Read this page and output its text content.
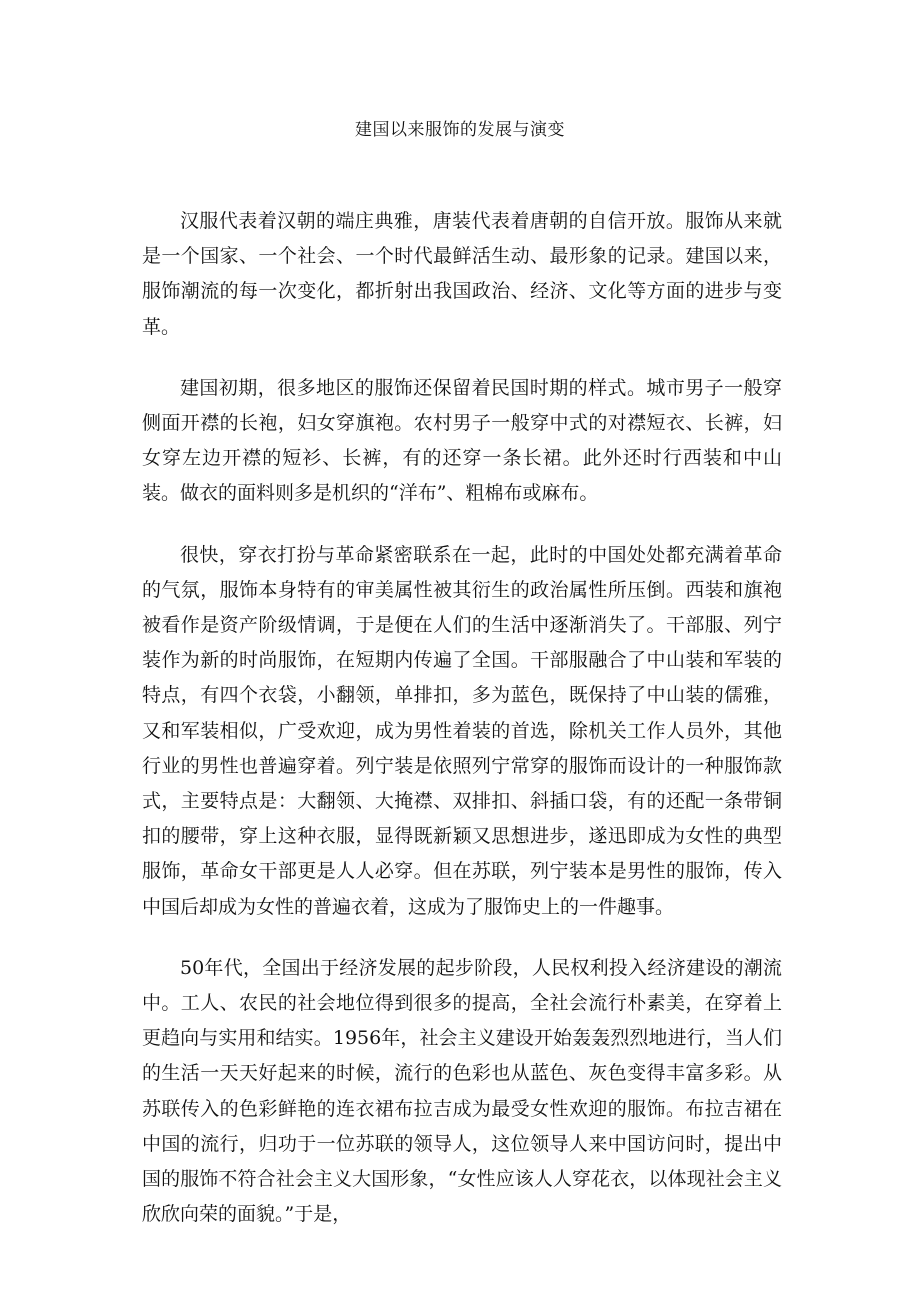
建国以来服饰的发展与演变

汉服代表着汉朝的端庄典雅，唐装代表着唐朝的自信开放。服饰从来就是一个国家、一个社会、一个时代最鲜活生动、最形象的记录。建国以来，服饰潮流的每一次变化，都折射出我国政治、经济、文化等方面的进步与变革。

建国初期，很多地区的服饰还保留着民国时期的样式。城市男子一般穿侧面开襟的长袍，妇女穿旗袍。农村男子一般穿中式的对襟短衣、长裤，妇女穿左边开襟的短衫、长裤，有的还穿一条长裙。此外还时行西装和中山装。做衣的面料则多是机织的“洋布”、粗棉布或麻布。

很快，穿衣打扮与革命紧密联系在一起，此时的中国处处都充满着革命的气氛，服饰本身特有的审美属性被其衍生的政治属性所压倒。西装和旗袍被看作是资产阶级情调，于是便在人们的生活中逐渐消失了。干部服、列宁装作为新的时尚服饰，在短期内传遍了全国。干部服融合了中山装和军装的特点，有四个衣袋，小翻领，单排扣，多为蓝色，既保持了中山装的儒雅，又和军装相似，广受欢迎，成为男性着装的首选，除机关工作人员外，其他行业的男性也普遍穿着。列宁装是依照列宁常穿的服饰而设计的一种服饰款式，主要特点是：大翻领、大掩襟、双排扣、斜插口袋，有的还配一条带铜扣的腰带，穿上这种衣服，显得既新颖又思想进步，遂迅即成为女性的典型服饰，革命女干部更是人人必穿。但在苏联，列宁装本是男性的服饰，传入中国后却成为女性的普遍衣着，这成为了服饰史上的一件趣事。

50年代，全国出于经济发展的起步阶段，人民权利投入经济建设的潮流中。工人、农民的社会地位得到很多的提高，全社会流行朴素美，在穿着上更趋向与实用和结实。1956年，社会主义建设开始轰轰烈烈地进行，当人们的生活一天天好起来的时候，流行的色彩也从蓝色、灰色变得丰富多彩。从苏联传入的色彩鲜艳的连衣裙布拉吉成为最受女性欢迎的服饰。布拉吉裙在中国的流行，归功于一位苏联的领导人，这位领导人来中国访问时，提出中国的服饰不符合社会主义大国形象，“女性应该人人穿花衣，以体现社会主义欣欣向荣的面貌。”于是，
